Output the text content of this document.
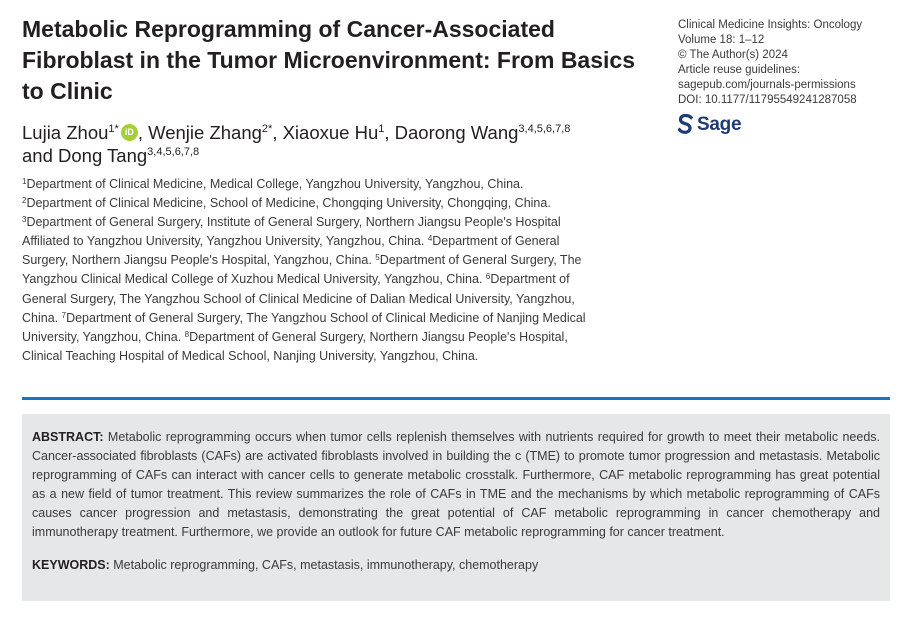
Metabolic Reprogramming of Cancer-Associated Fibroblast in the Tumor Microenvironment: From Basics to Clinic
Clinical Medicine Insights: Oncology
Volume 18: 1–12
© The Author(s) 2024
Article reuse guidelines:
sagepub.com/journals-permissions
DOI: 10.1177/11795549241287058
Sage
Lujia Zhou$^{1*}$ iD , Wenjie Zhang$^{2*}$, Xiaoxue Hu$^1$, Daorong Wang$^{3,4,5,6,7,8}$
and Dong Tang$^{3,4,5,6,7,8}$
$^1$Department of Clinical Medicine, Medical College, Yangzhou University, Yangzhou, China.
$^2$Department of Clinical Medicine, School of Medicine, Chongqing University, Chongqing, China.
$^3$Department of General Surgery, Institute of General Surgery, Northern Jiangsu People's Hospital Affiliated to Yangzhou University, Yangzhou University, Yangzhou, China. $^4$Department of General Surgery, Northern Jiangsu People's Hospital, Yangzhou, China. $^5$Department of General Surgery, The Yangzhou Clinical Medical College of Xuzhou Medical University, Yangzhou, China. $^6$Department of General Surgery, The Yangzhou School of Clinical Medicine of Dalian Medical University, Yangzhou, China. $^7$Department of General Surgery, The Yangzhou School of Clinical Medicine of Nanjing Medical University, Yangzhou, China. $^8$Department of General Surgery, Northern Jiangsu People's Hospital, Clinical Teaching Hospital of Medical School, Nanjing University, Yangzhou, China.

ABSTRACT: Metabolic reprogramming occurs when tumor cells replenish themselves with nutrients required for growth to meet their metabolic needs. Cancer-associated fibroblasts (CAFs) are activated fibroblasts involved in building the c (TME) to promote tumor progression and metastasis. Metabolic reprogramming of CAFs can interact with cancer cells to generate metabolic crosstalk. Furthermore, CAF metabolic reprogramming has great potential as a new field of tumor treatment. This review summarizes the role of CAFs in TME and the mechanisms by which metabolic reprogramming of CAFs causes cancer progression and metastasis, demonstrating the great potential of CAF metabolic reprogramming in cancer chemotherapy and immunotherapy treatment. Furthermore, we provide an outlook for future CAF metabolic reprogramming for cancer treatment.

KEYWORDS: Metabolic reprogramming, CAFs, metastasis, immunotherapy, chemotherapy
